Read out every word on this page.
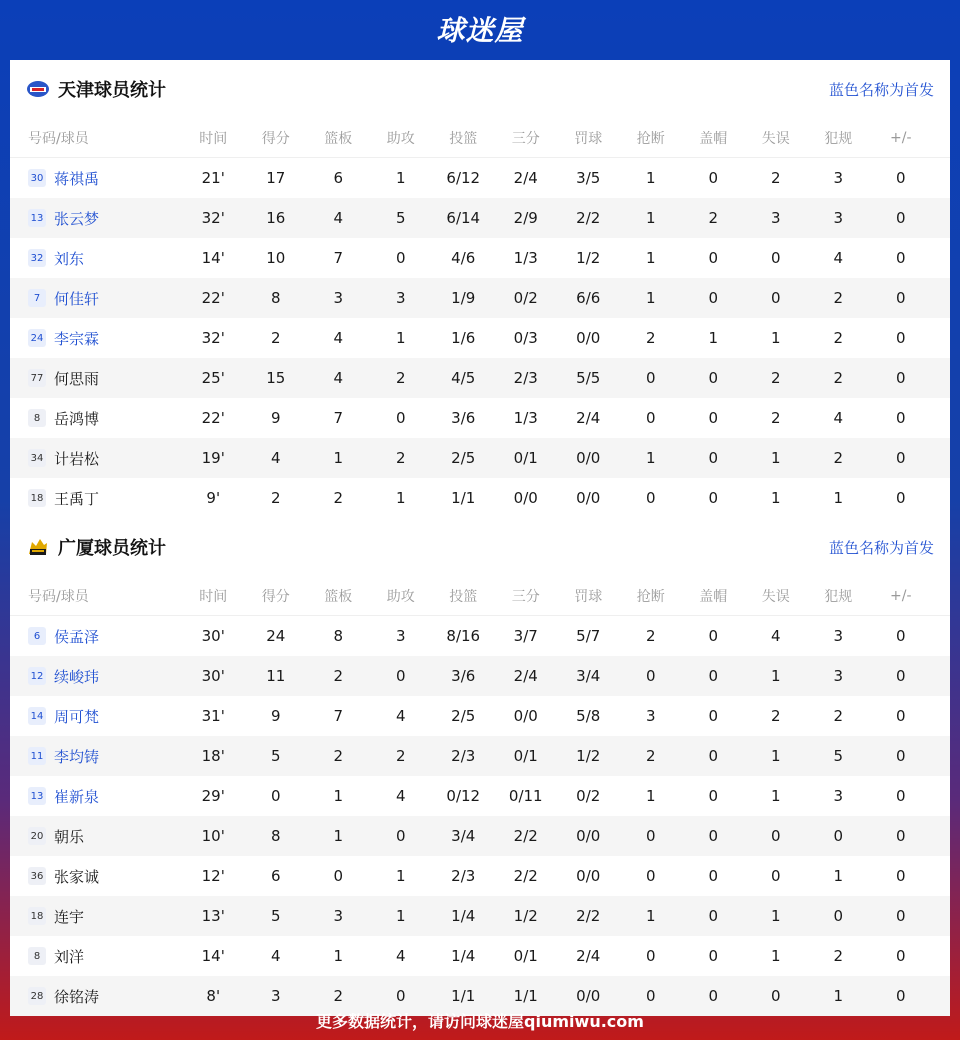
球迷屋
天津球员统计	蓝色名称为首发
号码/球员	时间	得分	篮板	助攻	投篮	三分	罚球	抢断	盖帽	失误	犯规	+/-
30 蒋祺禹	21'	17	6	1	6/12	2/4	3/5	1	0	2	3	0
13 张云梦	32'	16	4	5	6/14	2/9	2/2	1	2	3	3	0
32 刘东	14'	10	7	0	4/6	1/3	1/2	1	0	0	4	0
7 何佳轩	22'	8	3	3	1/9	0/2	6/6	1	0	0	2	0
24 李宗霖	32'	2	4	1	1/6	0/3	0/0	2	1	1	2	0
77 何思雨	25'	15	4	2	4/5	2/3	5/5	0	0	2	2	0
8 岳鸿博	22'	9	7	0	3/6	1/3	2/4	0	0	2	4	0
34 计岩松	19'	4	1	2	2/5	0/1	0/0	1	0	1	2	0
18 王禹丁	9'	2	2	1	1/1	0/0	0/0	0	0	1	1	0
广厦球员统计	蓝色名称为首发
号码/球员	时间	得分	篮板	助攻	投篮	三分	罚球	抢断	盖帽	失误	犯规	+/-
6 侯孟泽	30'	24	8	3	8/16	3/7	5/7	2	0	4	3	0
12 续峻玮	30'	11	2	0	3/6	2/4	3/4	0	0	1	3	0
14 周可梵	31'	9	7	4	2/5	0/0	5/8	3	0	2	2	0
11 李均铸	18'	5	2	2	2/3	0/1	1/2	2	0	1	5	0
13 崔新泉	29'	0	1	4	0/12	0/11	0/2	1	0	1	3	0
20 朝乐	10'	8	1	0	3/4	2/2	0/0	0	0	0	0	0
36 张家诚	12'	6	0	1	2/3	2/2	0/0	0	0	0	1	0
18 连宇	13'	5	3	1	1/4	1/2	2/2	1	0	1	0	0
8 刘洋	14'	4	1	4	1/4	0/1	2/4	0	0	1	2	0
28 徐铭涛	8'	3	2	0	1/1	1/1	0/0	0	0	0	1	0
更多数据统计，请访问球迷屋qiumiwu.com
